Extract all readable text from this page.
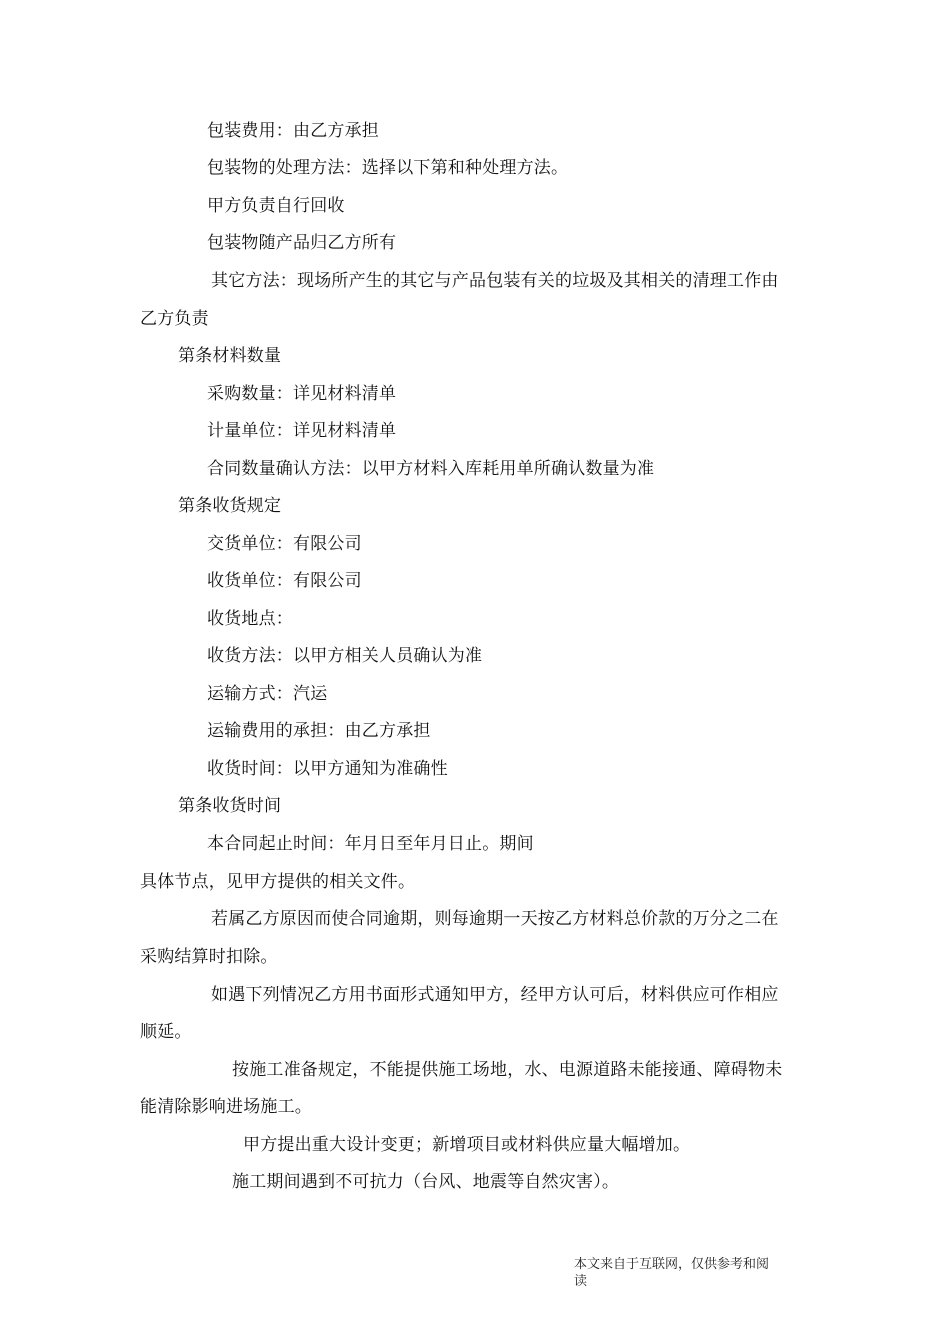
包装费用：由乙方承担
包装物的处理方法：选择以下第和种处理方法。
甲方负责自行回收
包装物随产品归乙方所有
其它方法：现场所产生的其它与产品包装有关的垃圾及其相关的清理工作由
乙方负责
第条材料数量
采购数量：详见材料清单
计量单位：详见材料清单
合同数量确认方法：以甲方材料入库耗用单所确认数量为准
第条收货规定
交货单位：有限公司
收货单位：有限公司
收货地点：
收货方法：以甲方相关人员确认为准
运输方式：汽运
运输费用的承担：由乙方承担
收货时间：以甲方通知为准确性
第条收货时间
本合同起止时间：年月日至年月日止。期间
具体节点，见甲方提供的相关文件。
若属乙方原因而使合同逾期，则每逾期一天按乙方材料总价款的万分之二在
采购结算时扣除。
如遇下列情况乙方用书面形式通知甲方，经甲方认可后，材料供应可作相应
顺延。
按施工准备规定，不能提供施工场地，水、电源道路未能接通、障碍物未
能清除影响进场施工。
甲方提出重大设计变更；新增项目或材料供应量大幅增加。
施工期间遇到不可抗力（台风、地震等自然灾害）。
本文来自于互联网，仅供参考和阅
读
